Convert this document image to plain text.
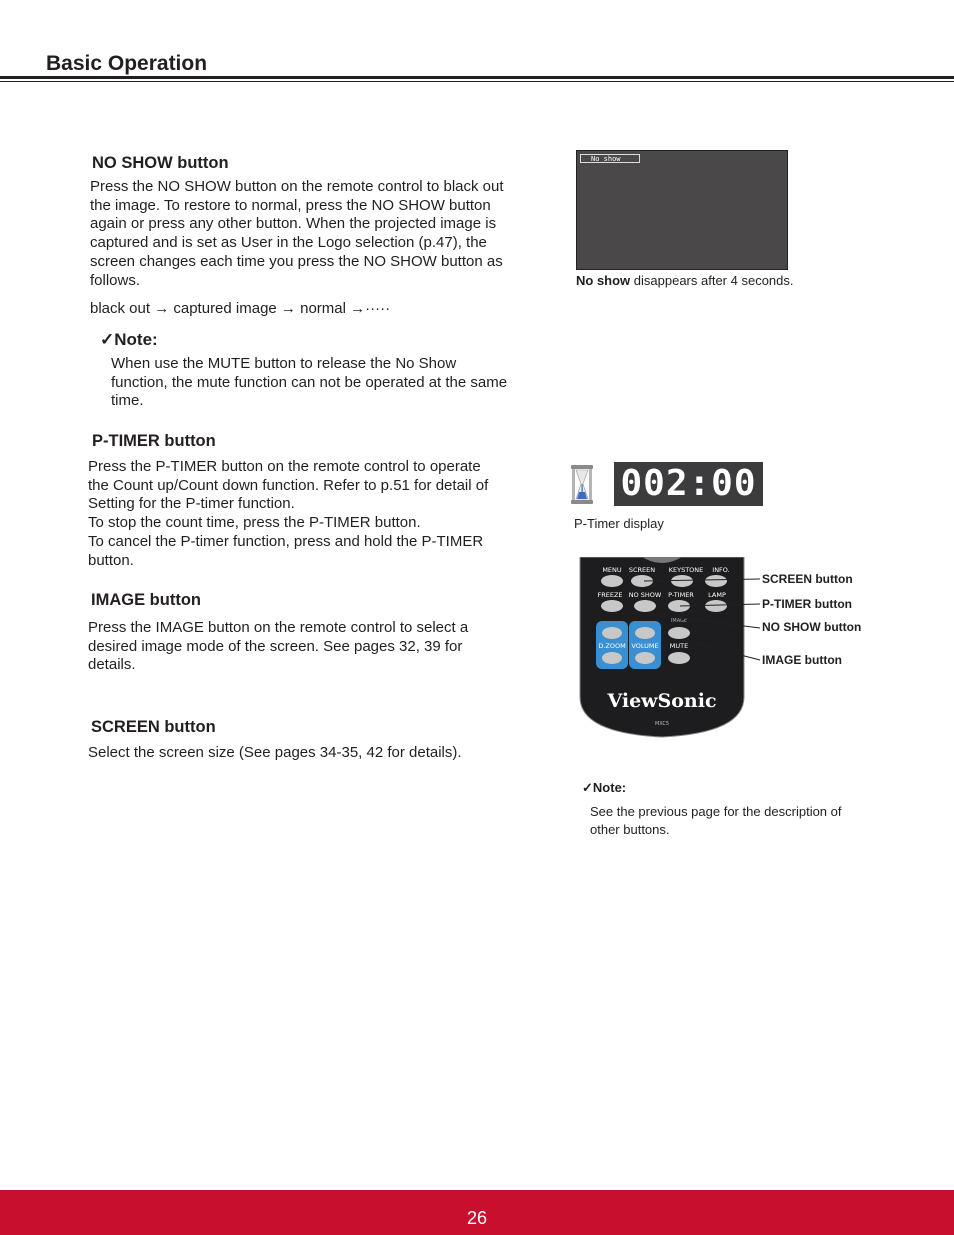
Basic Operation
NO SHOW button
Press the NO SHOW button on the remote control to black out
the image. To restore to normal, press the NO SHOW button
again or press any other button. When the projected image is
captured and is set as User in the Logo selection (p.47), the
screen changes each time you press the NO SHOW button as
follows.
black out → captured image → normal →·····
✓Note:
When use the MUTE button to release the No Show
function, the mute function can not be operated at the same
time.
P-TIMER button
Press the P-TIMER button on the remote control to operate
the Count up/Count down function. Refer to p.51 for detail of
Setting for the P-timer function.
To stop the count time, press the P-TIMER button.
To cancel the P-timer function, press and hold the P-TIMER
button.
IMAGE button
Press the IMAGE button on the remote control to select a
desired image mode of the screen. See pages 32, 39 for
details.
SCREEN button
Select the screen size (See pages 34-35, 42 for details).
No show
No show disappears after 4 seconds.
002:00
P-Timer display
MENU SCREEN KEYSTONE INFO.
FREEZE NO SHOW P-TIMER LAMP
D.ZOOM VOLUME MUTE
IMAGE
ViewSonic
MXC5
SCREEN button
P-TIMER button
NO SHOW button
IMAGE button
✓Note:
See the previous page for the description of
other buttons.
26
